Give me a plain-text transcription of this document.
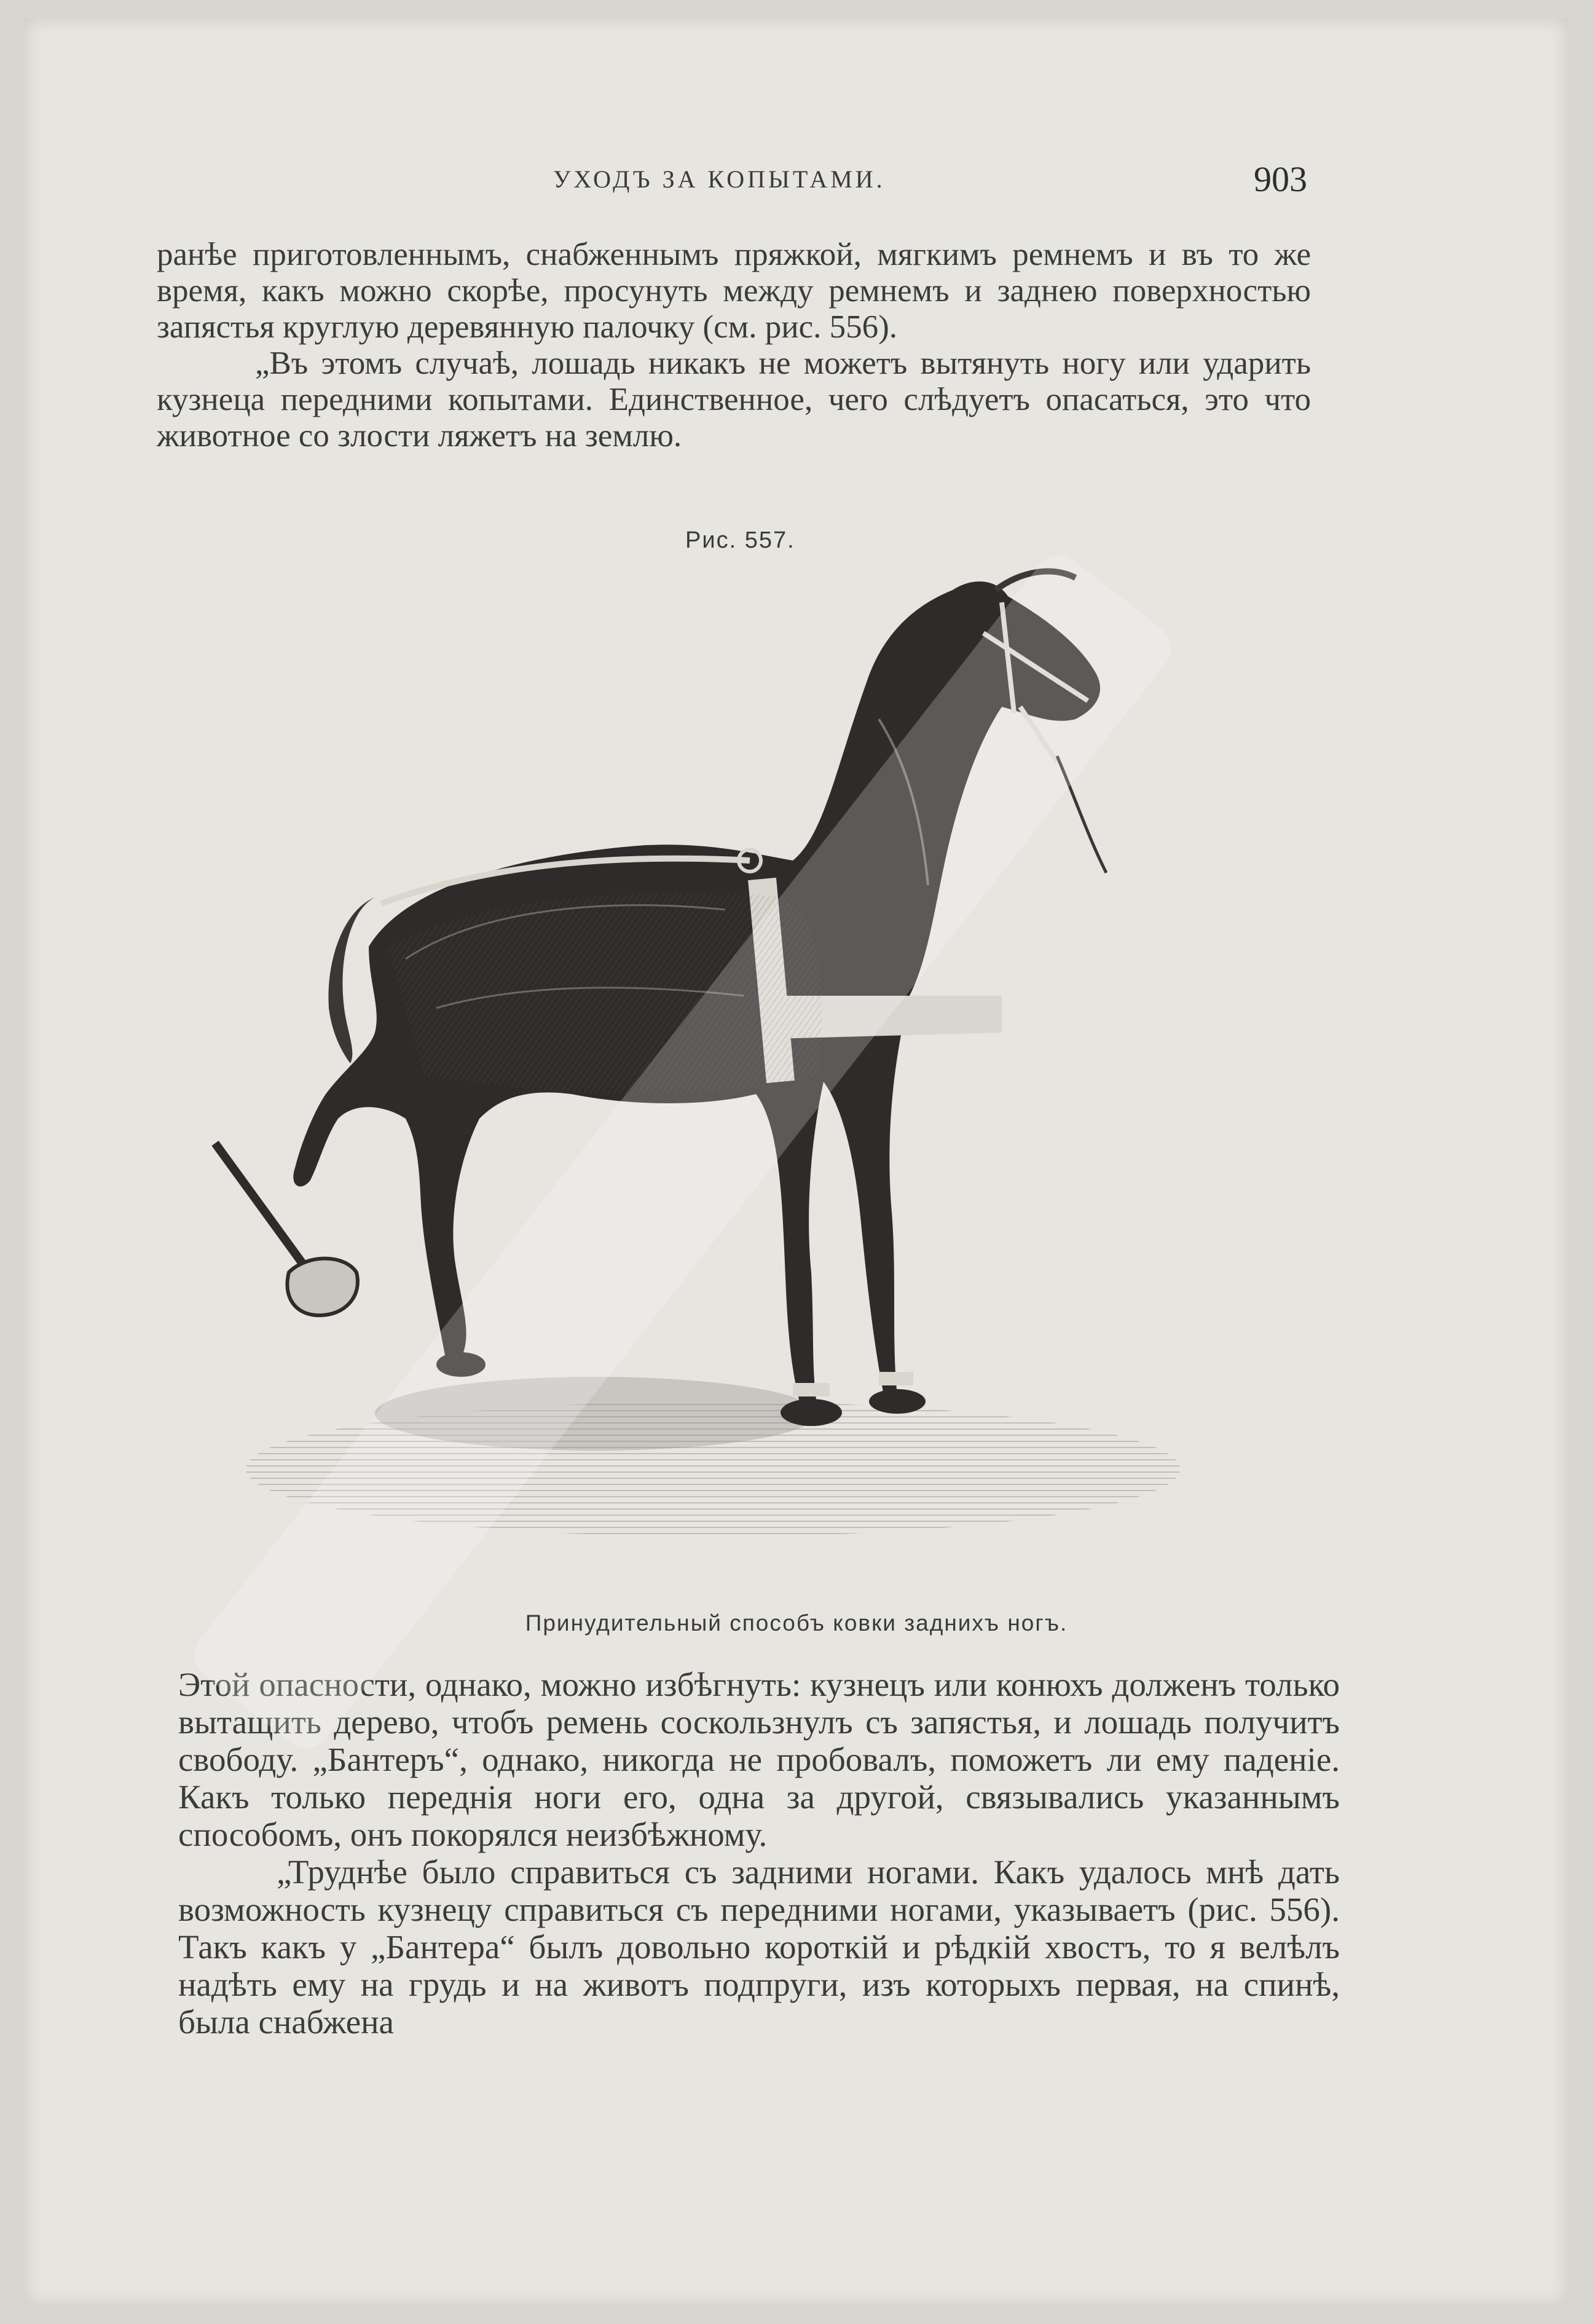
УХОДЪ ЗА КОПЫТАМИ.	903

ранѣе приготовленнымъ, снабженнымъ пряжкой, мягкимъ ремнемъ и въ то же время, какъ можно скорѣе, просунуть между ремнемъ и заднею поверхностью запястья круглую деревянную палочку (см. рис. 556).

„Въ этомъ случаѣ, лошадь никакъ не можетъ вытянуть ногу или ударить кузнеца передними копытами. Единственное, чего слѣдуетъ опасаться, это что животное со злости ляжетъ на землю.

Рис. 557.
Принудительный способъ ковки заднихъ ногъ.

Этой опасности, однако, можно избѣгнуть: кузнецъ или конюхъ долженъ только вытащить дерево, чтобъ ремень соскользнулъ съ запястья, и лошадь получитъ свободу. „Бантеръ“, однако, никогда не пробовалъ, поможетъ ли ему паденіе. Какъ только переднія ноги его, одна за другой, связывались указаннымъ способомъ, онъ покорялся неизбѣжному.

„Труднѣе было справиться съ задними ногами. Какъ удалось мнѣ дать возможность кузнецу справиться съ передними ногами, указываетъ (рис. 556). Такъ какъ у „Бантера“ былъ довольно короткій и рѣдкій хвостъ, то я велѣлъ надѣть ему на грудь и на животъ подпруги, изъ которыхъ первая, на спинѣ, была снабжена
